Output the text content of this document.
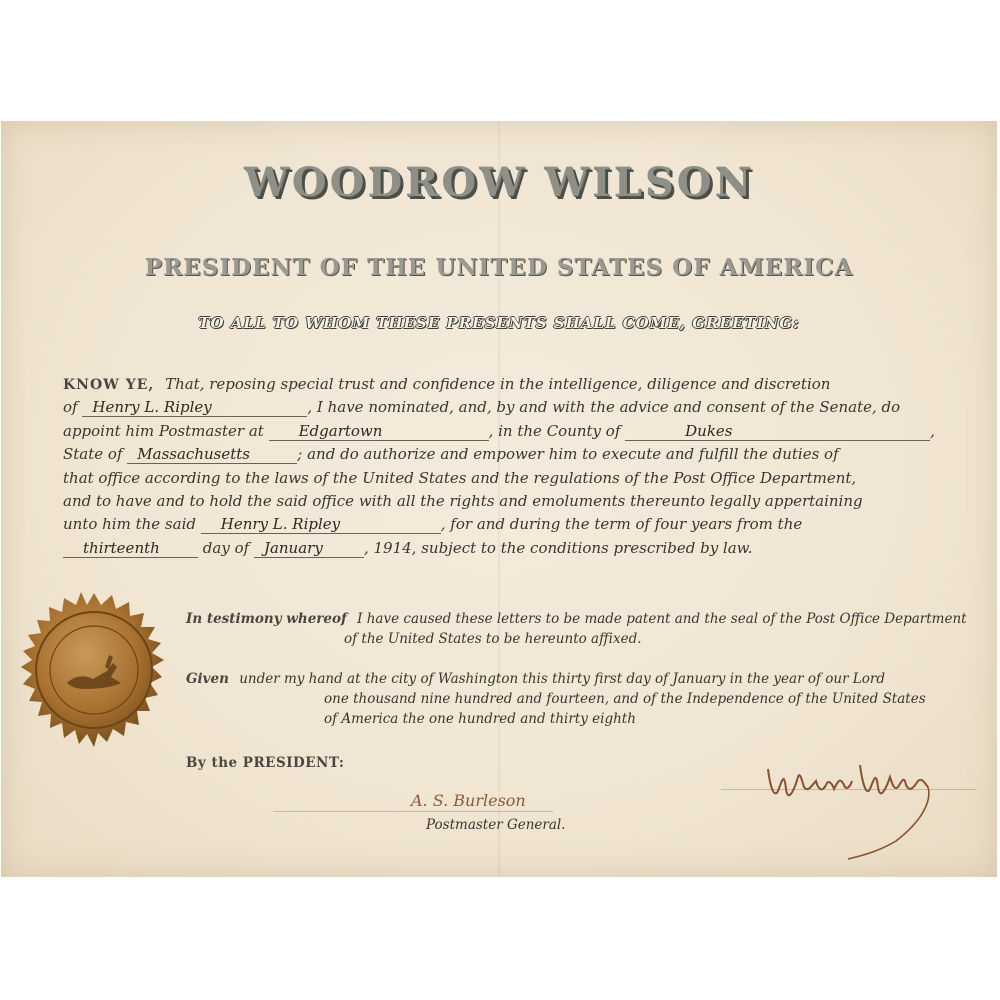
WOODROW WILSON
PRESIDENT OF THE UNITED STATES OF AMERICA
TO ALL TO WHOM THESE PRESENTS SHALL COME, GREETING:
KNOW YE, That, reposing special trust and confidence in the intelligence, diligence and discretion
of Henry L. Ripley	, I have nominated, and, by and with the advice and consent of the Senate, do
appoint him Postmaster at Edgartown	, in the County of	Dukes	,
State of Massachusetts	; and do authorize and empower him to execute and fulfill the duties of
that office according to the laws of the United States and the regulations of the Post Office Department,
and to have and to hold the said office with all the rights and emoluments thereunto legally appertaining
unto him the said Henry L. Ripley	, for and during the term of four years from the
thirteenth	day of January	, 1914, subject to the conditions prescribed by law.
In testimony whereof I have caused these letters to be made patent and the seal of the Post Office Department
of the United States to be hereunto affixed.
Given under my hand at the city of Washington this thirty first day of January in the year of our Lord
one thousand nine hundred and fourteen, and of the Independence of the United States
of America the one hundred and thirty eighth
By the PRESIDENT:
A. S. Burleson
Postmaster General.
